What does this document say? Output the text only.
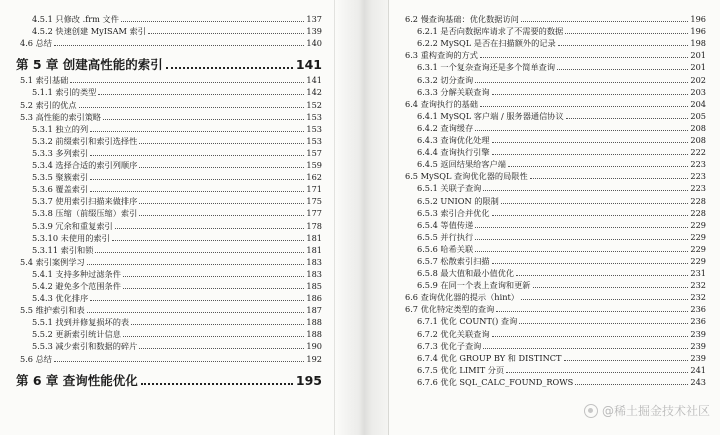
4.5.1 只修改 .frm 文件	137
4.5.2 快速创建 MyISAM 索引	139
4.6 总结	140
第 5 章 创建高性能的索引	141
5.1 索引基础	141
5.1.1 索引的类型	142
5.2 索引的优点	152
5.3 高性能的索引策略	153
5.3.1 独立的列	153
5.3.2 前缀索引和索引选择性	153
5.3.3 多列索引	157
5.3.4 选择合适的索引列顺序	159
5.3.5 聚簇索引	162
5.3.6 覆盖索引	171
5.3.7 使用索引扫描来做排序	175
5.3.8 压缩（前缀压缩）索引	177
5.3.9 冗余和重复索引	178
5.3.10 未使用的索引	181
5.3.11 索引和锁	181
5.4 索引案例学习	183
5.4.1 支持多种过滤条件	183
5.4.2 避免多个范围条件	185
5.4.3 优化排序	186
5.5 维护索引和表	187
5.5.1 找到并修复损坏的表	188
5.5.2 更新索引统计信息	188
5.5.3 减少索引和数据的碎片	190
5.6 总结	192
第 6 章 查询性能优化	195
6.2 慢查询基础：优化数据访问	196
6.2.1 是否向数据库请求了不需要的数据	196
6.2.2 MySQL 是否在扫描额外的记录	198
6.3 重构查询的方式	201
6.3.1 一个复杂查询还是多个简单查询	201
6.3.2 切分查询	202
6.3.3 分解关联查询	203
6.4 查询执行的基础	204
6.4.1 MySQL 客户端 / 服务器通信协议	205
6.4.2 查询缓存	208
6.4.3 查询优化处理	208
6.4.4 查询执行引擎	222
6.4.5 返回结果给客户端	223
6.5 MySQL 查询优化器的局限性	223
6.5.1 关联子查询	223
6.5.2 UNION 的限制	228
6.5.3 索引合并优化	228
6.5.4 等值传递	229
6.5.5 并行执行	229
6.5.6 哈希关联	229
6.5.7 松散索引扫描	229
6.5.8 最大值和最小值优化	231
6.5.9 在同一个表上查询和更新	232
6.6 查询优化器的提示（hint）	232
6.7 优化特定类型的查询	236
6.7.1 优化 COUNT() 查询	236
6.7.2 优化关联查询	239
6.7.3 优化子查询	239
6.7.4 优化 GROUP BY 和 DISTINCT	239
6.7.5 优化 LIMIT 分页	241
6.7.6 优化 SQL_CALC_FOUND_ROWS	243
@稀土掘金技术社区
